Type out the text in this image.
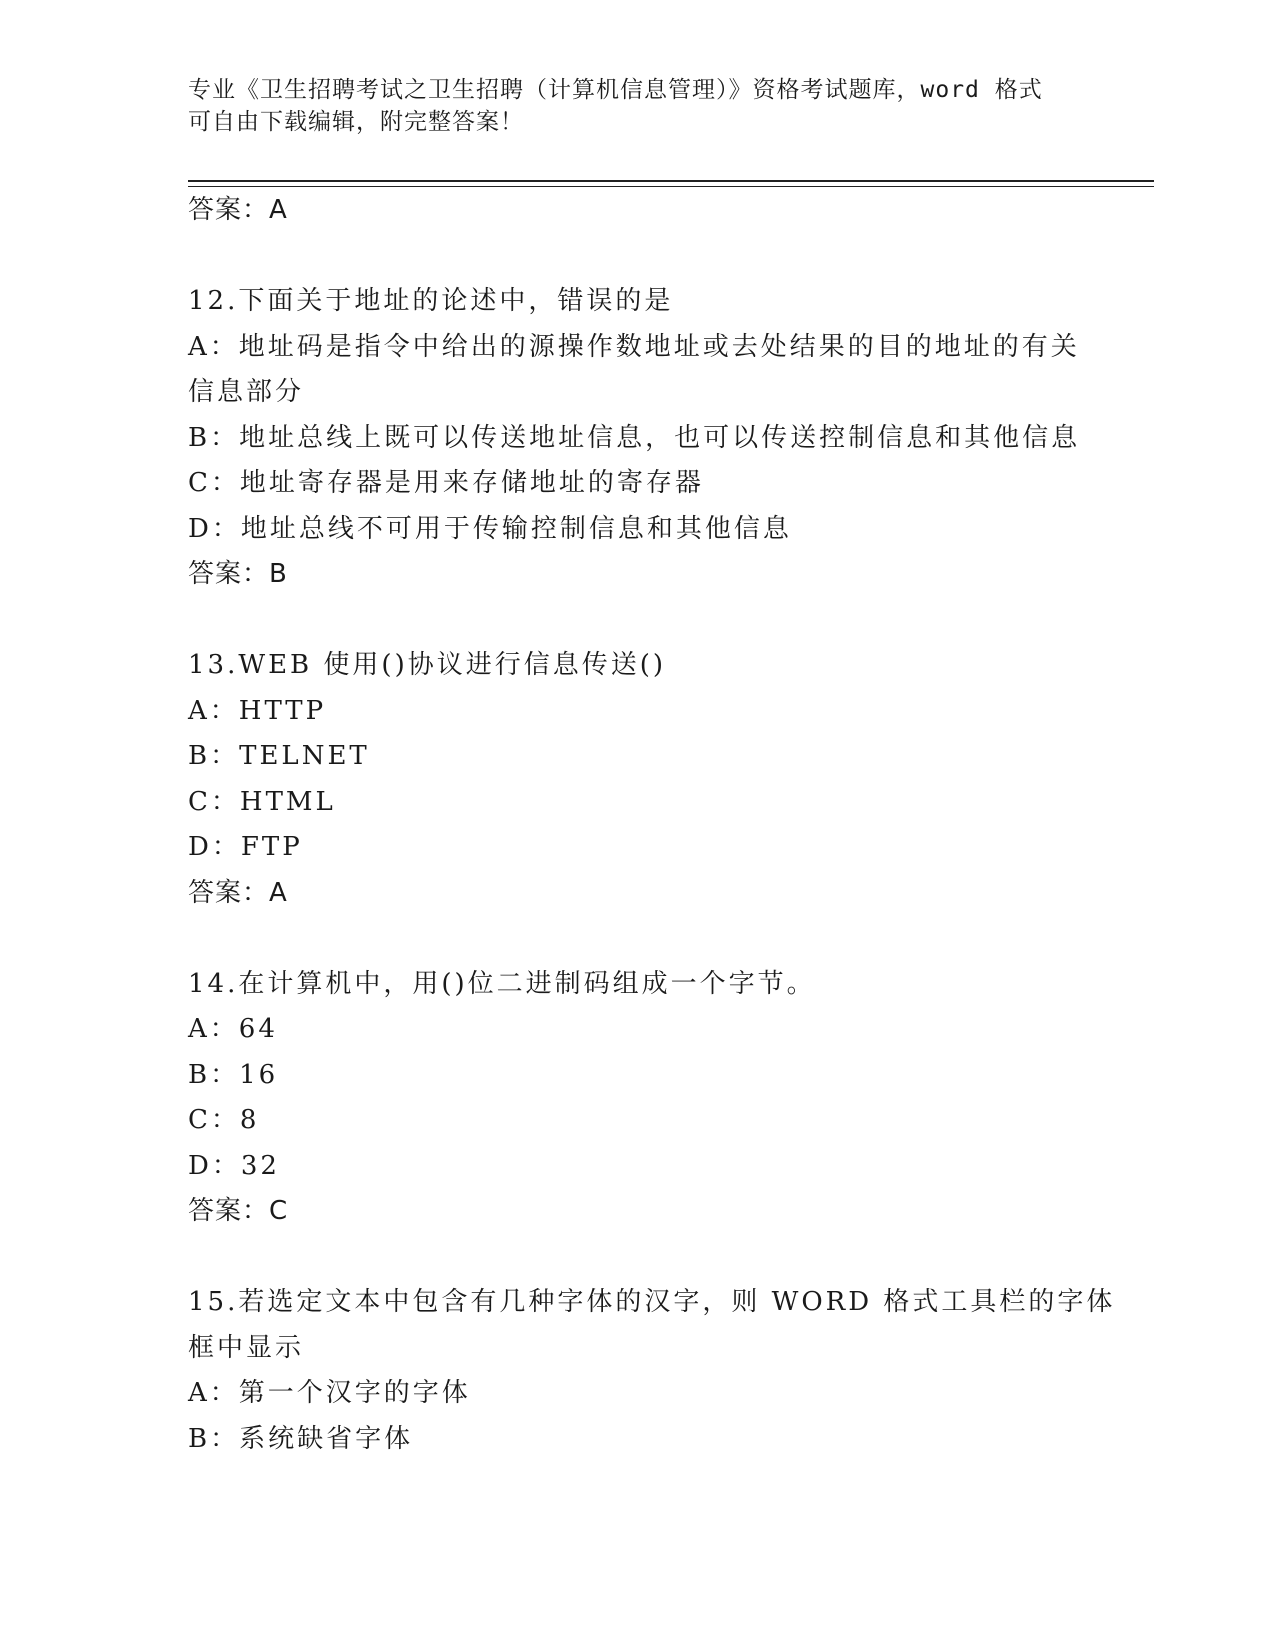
专业《卫生招聘考试之卫生招聘（计算机信息管理）》资格考试题库，word 格式
可自由下载编辑，附完整答案！
答案：A
12.下面关于地址的论述中，错误的是
A：地址码是指令中给出的源操作数地址或去处结果的目的地址的有关
信息部分
B：地址总线上既可以传送地址信息，也可以传送控制信息和其他信息
C：地址寄存器是用来存储地址的寄存器
D：地址总线不可用于传输控制信息和其他信息
答案：B
13.WEB 使用()协议进行信息传送()
A：HTTP
B：TELNET
C：HTML
D：FTP
答案：A
14.在计算机中，用()位二进制码组成一个字节。
A：64
B：16
C：8
D：32
答案：C
15.若选定文本中包含有几种字体的汉字，则 WORD 格式工具栏的字体
框中显示
A：第一个汉字的字体
B：系统缺省字体
